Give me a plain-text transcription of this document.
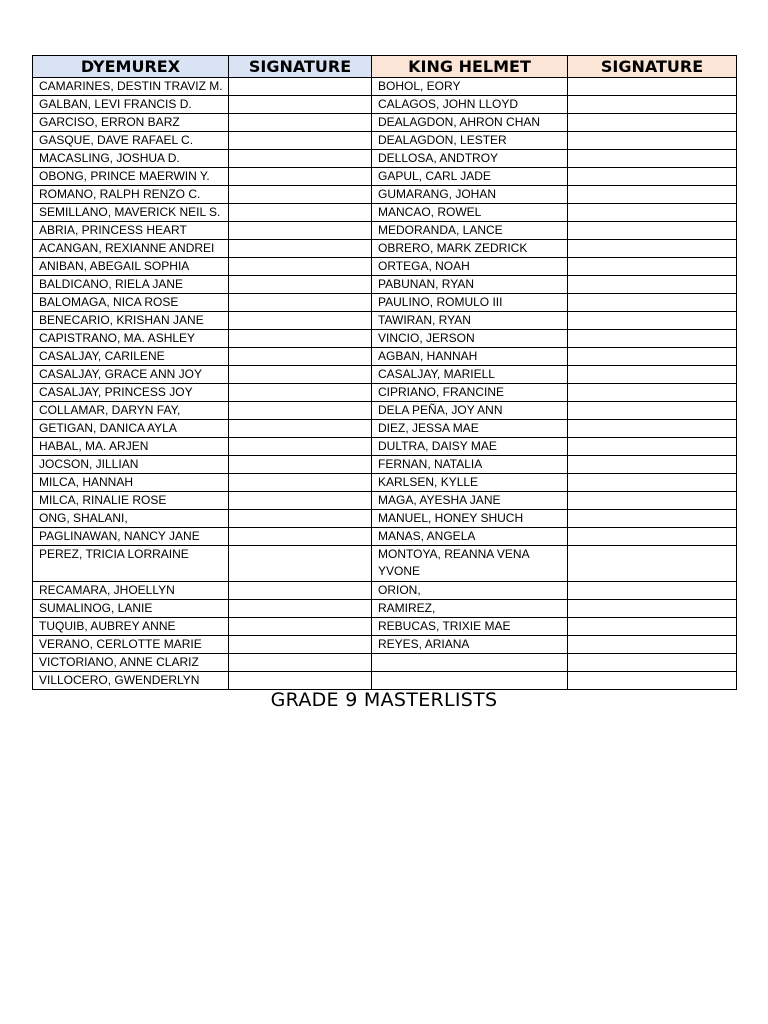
DYEMUREX	SIGNATURE	KING HELMET	SIGNATURE
CAMARINES, DESTIN TRAVIZ M.		BOHOL, EORY	
GALBAN, LEVI FRANCIS D.		CALAGOS, JOHN LLOYD	
GARCISO, ERRON BARZ		DEALAGDON, AHRON CHAN	
GASQUE, DAVE RAFAEL C.		DEALAGDON, LESTER	
MACASLING, JOSHUA D.		DELLOSA, ANDTROY	
OBONG, PRINCE MAERWIN Y.		GAPUL, CARL JADE	
ROMANO, RALPH RENZO C.		GUMARANG, JOHAN	
SEMILLANO, MAVERICK NEIL S.		MANCAO, ROWEL	
ABRIA, PRINCESS HEART		MEDORANDA, LANCE	
ACANGAN, REXIANNE ANDREI		OBRERO, MARK ZEDRICK	
ANIBAN, ABEGAIL SOPHIA		ORTEGA, NOAH	
BALDICANO, RIELA JANE		PABUNAN, RYAN	
BALOMAGA, NICA ROSE		PAULINO, ROMULO III	
BENECARIO, KRISHAN JANE		TAWIRAN, RYAN	
CAPISTRANO, MA. ASHLEY		VINCIO, JERSON	
CASALJAY, CARILENE		AGBAN, HANNAH	
CASALJAY, GRACE ANN JOY		CASALJAY, MARIELL	
CASALJAY, PRINCESS JOY		CIPRIANO, FRANCINE	
COLLAMAR, DARYN FAY,		DELA PEÑA, JOY ANN	
GETIGAN, DANICA AYLA		DIEZ, JESSA MAE	
HABAL, MA. ARJEN		DULTRA, DAISY MAE	
JOCSON, JILLIAN		FERNAN, NATALIA	
MILCA, HANNAH		KARLSEN, KYLLE	
MILCA, RINALIE ROSE		MAGA, AYESHA JANE	
ONG, SHALANI,		MANUEL, HONEY SHUCH	
PAGLINAWAN, NANCY JANE		MANAS, ANGELA	
PEREZ, TRICIA LORRAINE		MONTOYA, REANNA VENA YVONE	
RECAMARA, JHOELLYN		ORION,	
SUMALINOG, LANIE		RAMIREZ,	
TUQUIB, AUBREY ANNE		REBUCAS, TRIXIE MAE	
VERANO, CERLOTTE MARIE		REYES, ARIANA	
VICTORIANO, ANNE CLARIZ			
VILLOCERO, GWENDERLYN			
GRADE 9 MASTERLISTS
